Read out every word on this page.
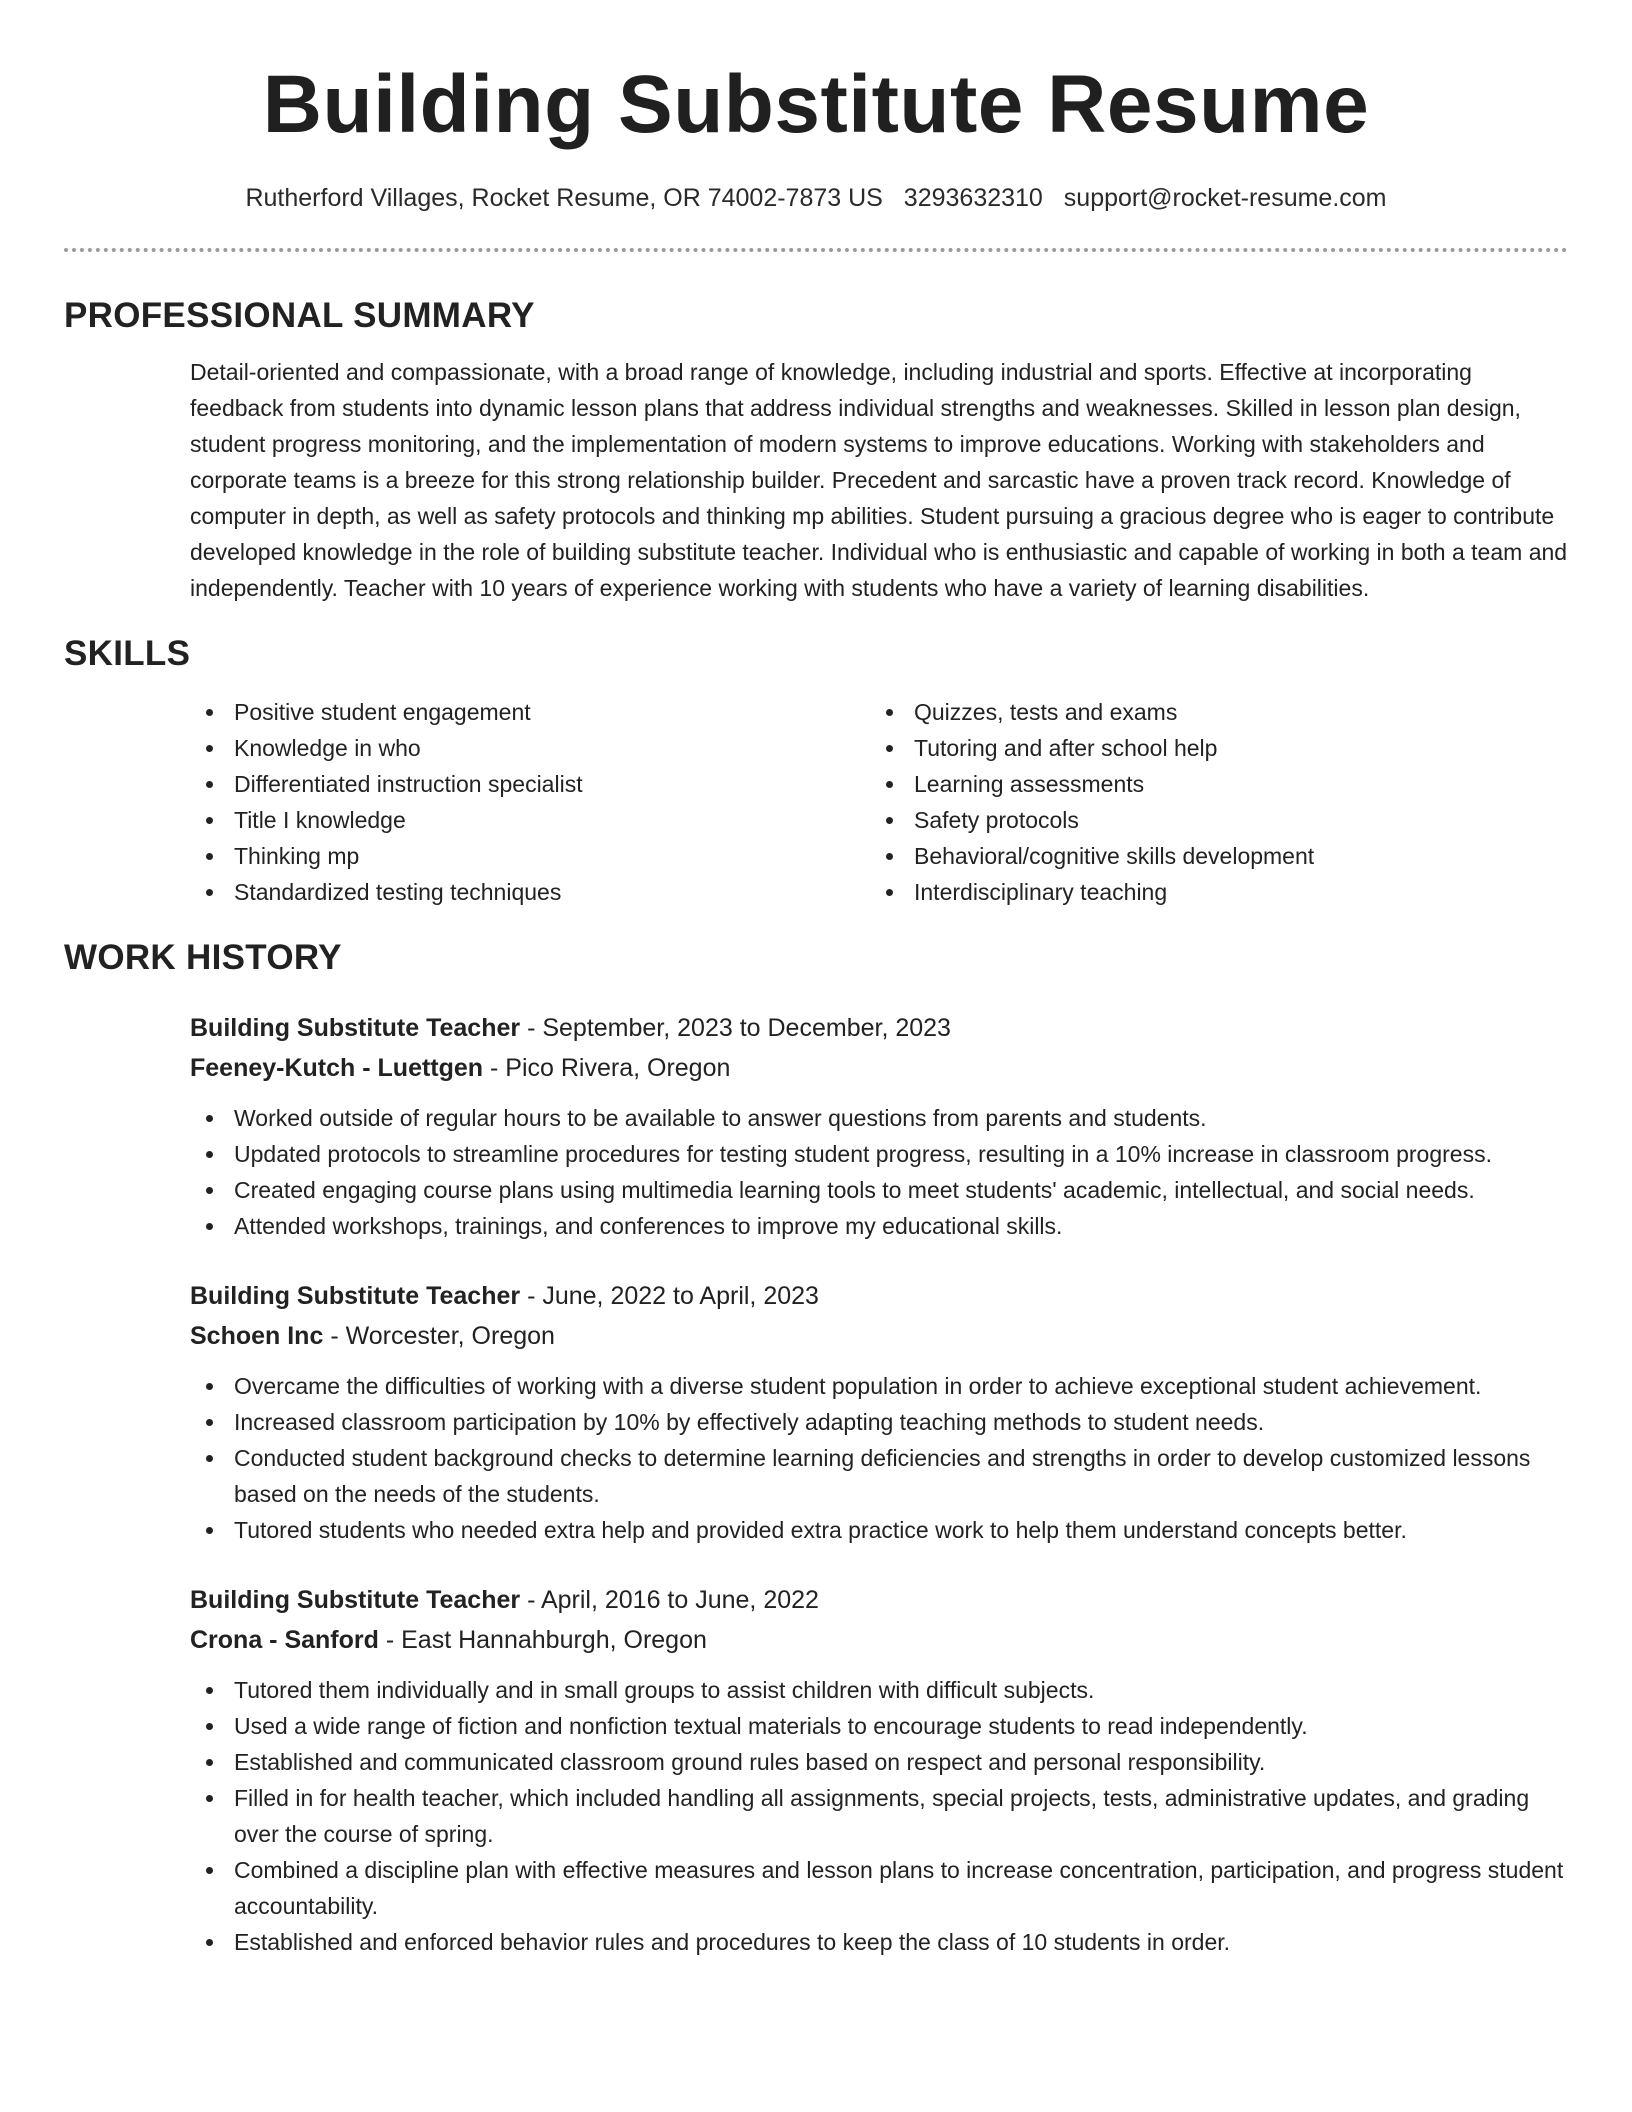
Building Substitute Resume
Rutherford Villages, Rocket Resume, OR 74002-7873 US 3293632310 support@rocket-resume.com
PROFESSIONAL SUMMARY

Detail-oriented and compassionate, with a broad range of knowledge, including industrial and sports. Effective at incorporating feedback from students into dynamic lesson plans that address individual strengths and weaknesses. Skilled in lesson plan design, student progress monitoring, and the implementation of modern systems to improve educations. Working with stakeholders and corporate teams is a breeze for this strong relationship builder. Precedent and sarcastic have a proven track record. Knowledge of computer in depth, as well as safety protocols and thinking mp abilities. Student pursuing a gracious degree who is eager to contribute developed knowledge in the role of building substitute teacher. Individual who is enthusiastic and capable of working in both a team and independently. Teacher with 10 years of experience working with students who have a variety of learning disabilities.

SKILLS
Positive student engagement
Knowledge in who
Differentiated instruction specialist
Title I knowledge
Thinking mp
Standardized testing techniques
Quizzes, tests and exams
Tutoring and after school help
Learning assessments
Safety protocols
Behavioral/cognitive skills development
Interdisciplinary teaching
WORK HISTORY
Building Substitute Teacher - September, 2023 to December, 2023
Feeney-Kutch - Luettgen - Pico Rivera, Oregon
Worked outside of regular hours to be available to answer questions from parents and students.
Updated protocols to streamline procedures for testing student progress, resulting in a 10% increase in classroom progress.
Created engaging course plans using multimedia learning tools to meet students' academic, intellectual, and social needs.
Attended workshops, trainings, and conferences to improve my educational skills.
Building Substitute Teacher - June, 2022 to April, 2023
Schoen Inc - Worcester, Oregon
Overcame the difficulties of working with a diverse student population in order to achieve exceptional student achievement.
Increased classroom participation by 10% by effectively adapting teaching methods to student needs.
Conducted student background checks to determine learning deficiencies and strengths in order to develop customized lessons based on the needs of the students.
Tutored students who needed extra help and provided extra practice work to help them understand concepts better.
Building Substitute Teacher - April, 2016 to June, 2022
Crona - Sanford - East Hannahburgh, Oregon
Tutored them individually and in small groups to assist children with difficult subjects.
Used a wide range of fiction and nonfiction textual materials to encourage students to read independently.
Established and communicated classroom ground rules based on respect and personal responsibility.
Filled in for health teacher, which included handling all assignments, special projects, tests, administrative updates, and grading over the course of spring.
Combined a discipline plan with effective measures and lesson plans to increase concentration, participation, and progress student accountability.
Established and enforced behavior rules and procedures to keep the class of 10 students in order.
